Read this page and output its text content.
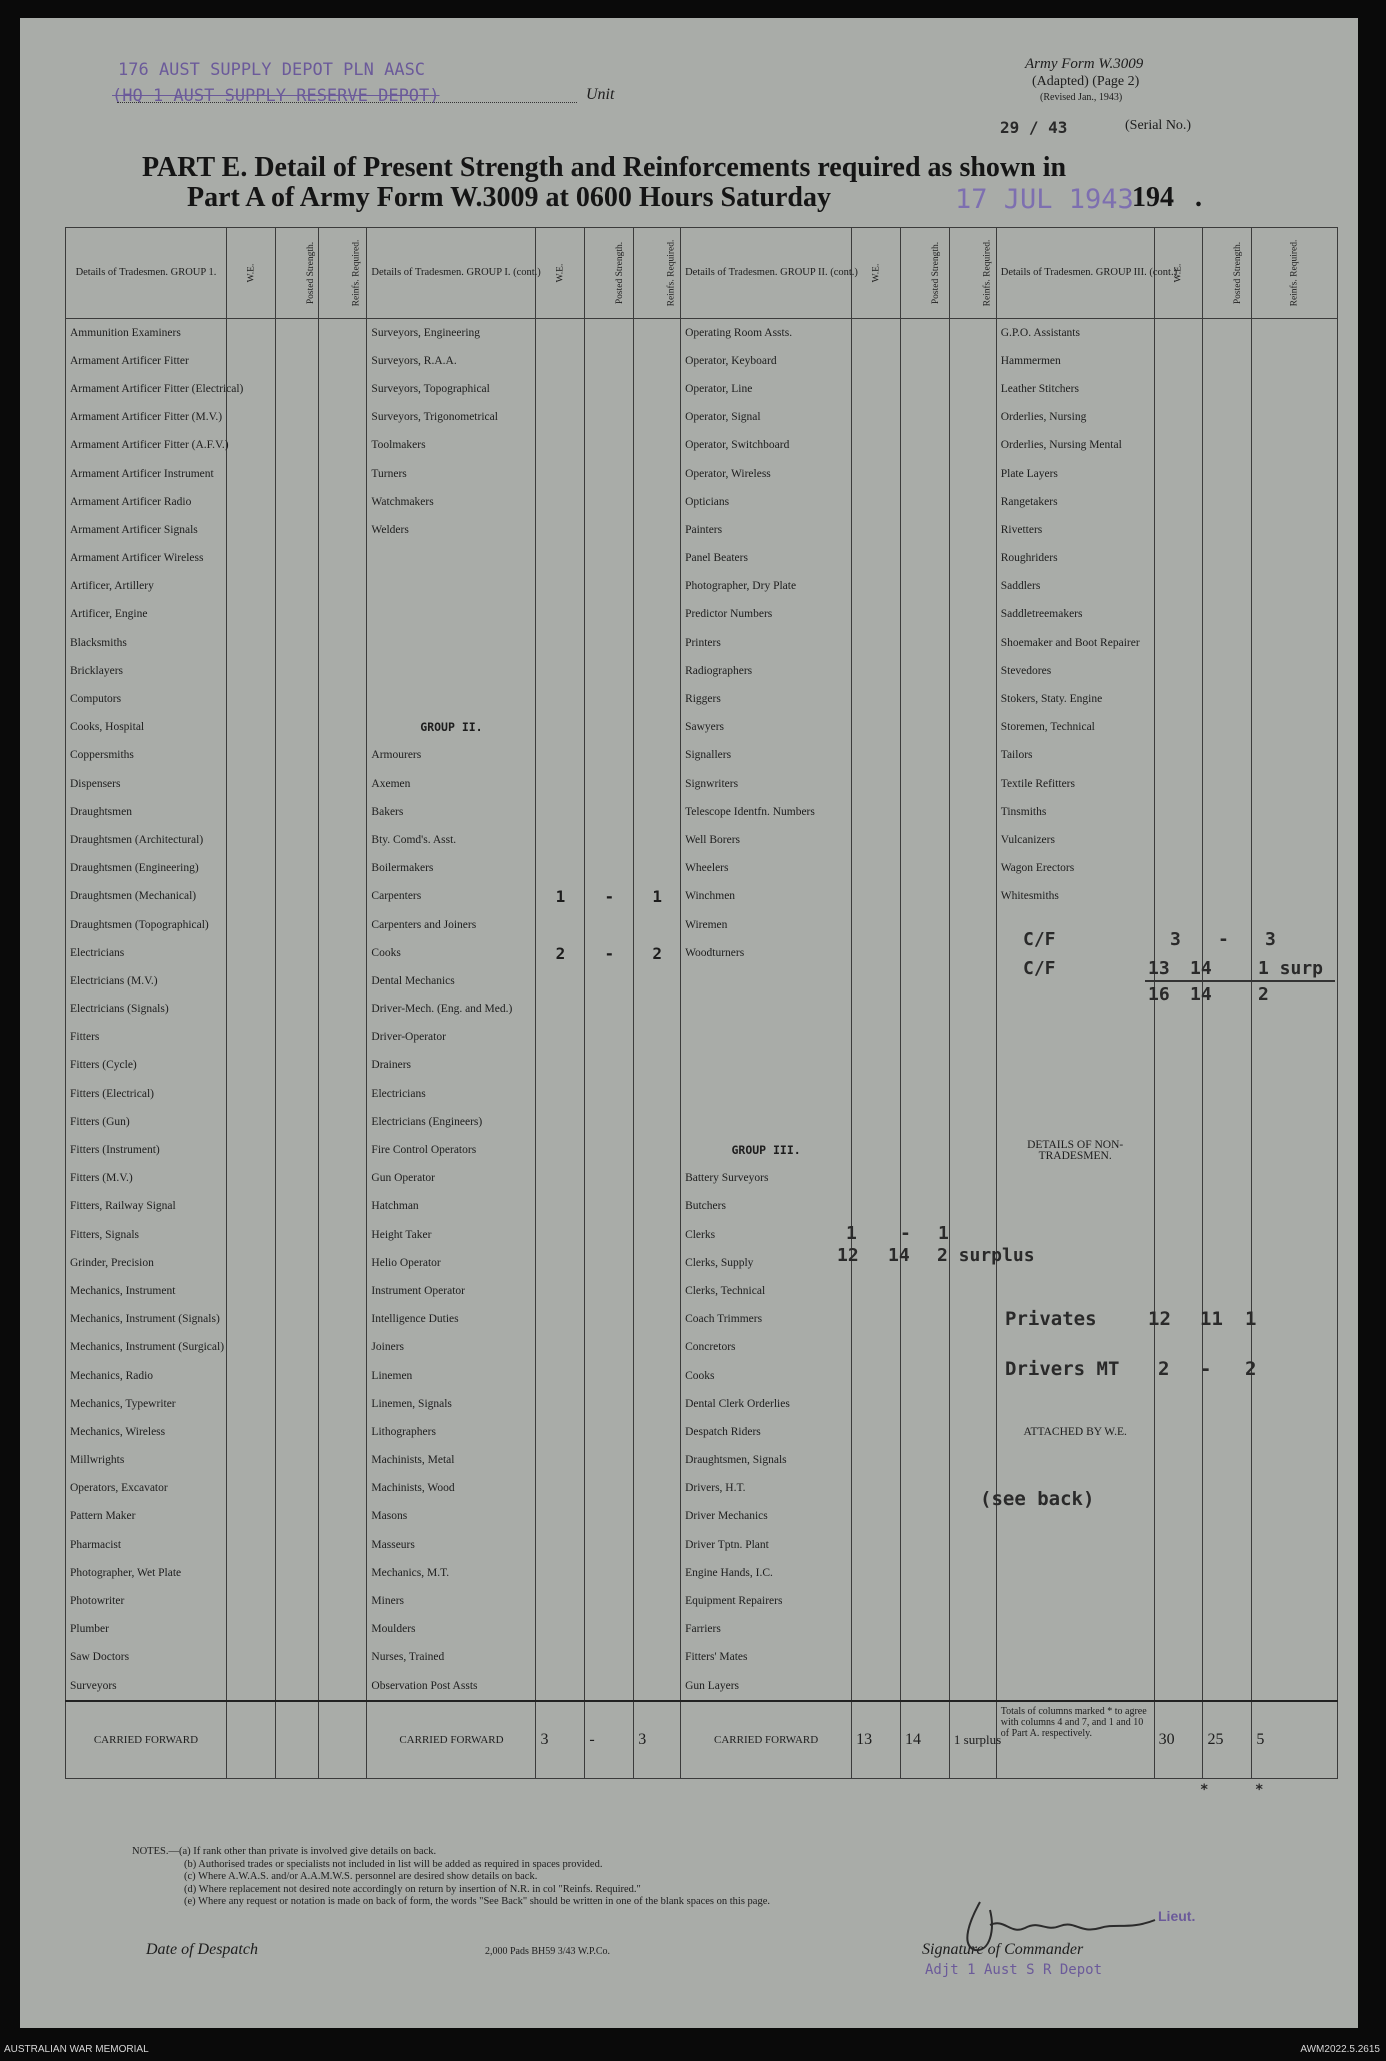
176 AUST SUPPLY DEPOT PLN AASC
(HQ 1 AUST SUPPLY RESERVE DEPOT)	Unit
Army Form W.3009
(Adapted) (Page 2)
(Revised Jan., 1943)
29 / 43	(Serial No.)
PART E. Detail of Present Strength and Reinforcements required as shown in
Part A of Army Form W.3009 at 0600 Hours Saturday	17 JUL 1943
194 .
Details of Tradesmen. GROUP 1.	W.E.	Posted Strength.	Reinfs. Required.	Details of Tradesmen. GROUP I. (cont.)	W.E.	Posted Strength.	Reinfs. Required.	Details of Tradesmen. GROUP II. (cont.)	W.E.	Posted Strength.	Reinfs. Required.	Details of Tradesmen. GROUP III. (cont.)	W.E.	Posted Strength.	Reinfs. Required.
Ammunition Examiners				Surveyors, Engineering				Operating Room Assts.				G.P.O. Assistants			
Armament Artificer Fitter				Surveyors, R.A.A.				Operator, Keyboard				Hammermen			
Armament Artificer Fitter (Electrical)				Surveyors, Topographical				Operator, Line				Leather Stitchers			
Armament Artificer Fitter (M.V.)				Surveyors, Trigonometrical				Operator, Signal				Orderlies, Nursing			
Armament Artificer Fitter (A.F.V.)				Toolmakers				Operator, Switchboard				Orderlies, Nursing Mental			
Armament Artificer Instrument				Turners				Operator, Wireless				Plate Layers			
Armament Artificer Radio				Watchmakers				Opticians				Rangetakers			
Armament Artificer Signals				Welders				Painters				Rivetters			
Armament Artificer Wireless								Panel Beaters				Roughriders			
Artificer, Artillery								Photographer, Dry Plate				Saddlers			
Artificer, Engine								Predictor Numbers				Saddletreemakers			
Blacksmiths								Printers				Shoemaker and Boot Repairer			
Bricklayers								Radiographers				Stevedores			
Computors								Riggers				Stokers, Staty. Engine			
Cooks, Hospital				GROUP II.				Sawyers				Storemen, Technical			
Coppersmiths				Armourers				Signallers				Tailors			
Dispensers				Axemen				Signwriters				Textile Refitters			
Draughtsmen				Bakers				Telescope Identfn. Numbers				Tinsmiths			
Draughtsmen (Architectural)				Bty. Comd's. Asst.				Well Borers				Vulcanizers			
Draughtsmen (Engineering)				Boilermakers				Wheelers				Wagon Erectors			
Draughtsmen (Mechanical)				Carpenters	1	-	1	Winchmen				Whitesmiths			
Draughtsmen (Topographical)				Carpenters and Joiners				Wiremen							
Electricians				Cooks	2	-	2	Woodturners							
Electricians (M.V.)				Dental Mechanics											
Electricians (Signals)				Driver-Mech. (Eng. and Med.)											
Fitters				Driver-Operator											
Fitters (Cycle)				Drainers											
Fitters (Electrical)				Electricians											
Fitters (Gun)				Electricians (Engineers)											
Fitters (Instrument)				Fire Control Operators				GROUP III.				DETAILS OF NON-TRADESMEN.			
Fitters (M.V.)				Gun Operator				Battery Surveyors							
Fitters, Railway Signal				Hatchman				Butchers							
Fitters, Signals				Height Taker				Clerks							
Grinder, Precision				Helio Operator				Clerks, Supply							
Mechanics, Instrument				Instrument Operator				Clerks, Technical							
Mechanics, Instrument (Signals)				Intelligence Duties				Coach Trimmers							
Mechanics, Instrument (Surgical)				Joiners				Concretors							
Mechanics, Radio				Linemen				Cooks							
Mechanics, Typewriter				Linemen, Signals				Dental Clerk Orderlies							
Mechanics, Wireless				Lithographers				Despatch Riders				ATTACHED BY W.E.			
Millwrights				Machinists, Metal				Draughtsmen, Signals							
Operators, Excavator				Machinists, Wood				Drivers, H.T.							
Pattern Maker				Masons				Driver Mechanics							
Pharmacist				Masseurs				Driver Tptn. Plant							
Photographer, Wet Plate				Mechanics, M.T.				Engine Hands, I.C.							
Photowriter				Miners				Equipment Repairers							
Plumber				Moulders				Farriers							
Saw Doctors				Nurses, Trained				Fitters' Mates							
Surveyors				Observation Post Assts				Gun Layers							
CARRIED FORWARD				CARRIED FORWARD	3	-	3	CARRIED FORWARD	13	14	1 surplus	Totals of columns marked * to agree with columns 4 and 7, and 1 and 10 of Part A. respectively.	30	25	5
C/F	3 - 3
C/F	13 14	1 surp
16 14	2
1 - 1
12 14 2 surplus
Privates	12 11 1
Drivers MT 2 - 2
(see back)
*	*
NOTES.—(a) If rank other than private is involved give details on back.
(b) Authorised trades or specialists not included in list will be added as required in spaces provided.
(c) Where A.W.A.S. and/or A.A.M.W.S. personnel are desired show details on back.
(d) Where replacement not desired note accordingly on return by insertion of N.R. in col "Reinfs. Required."
(e) Where any request or notation is made on back of form, the words "See Back" should be written in one of the blank spaces on this page.
Date of Despatch	2,000 Pads BH59 3/43 W.P.Co.	Signature of Commander
Adjt 1 Aust S R Depot
Lieut.
AUSTRALIAN WAR MEMORIAL	AWM2022.5.2615
